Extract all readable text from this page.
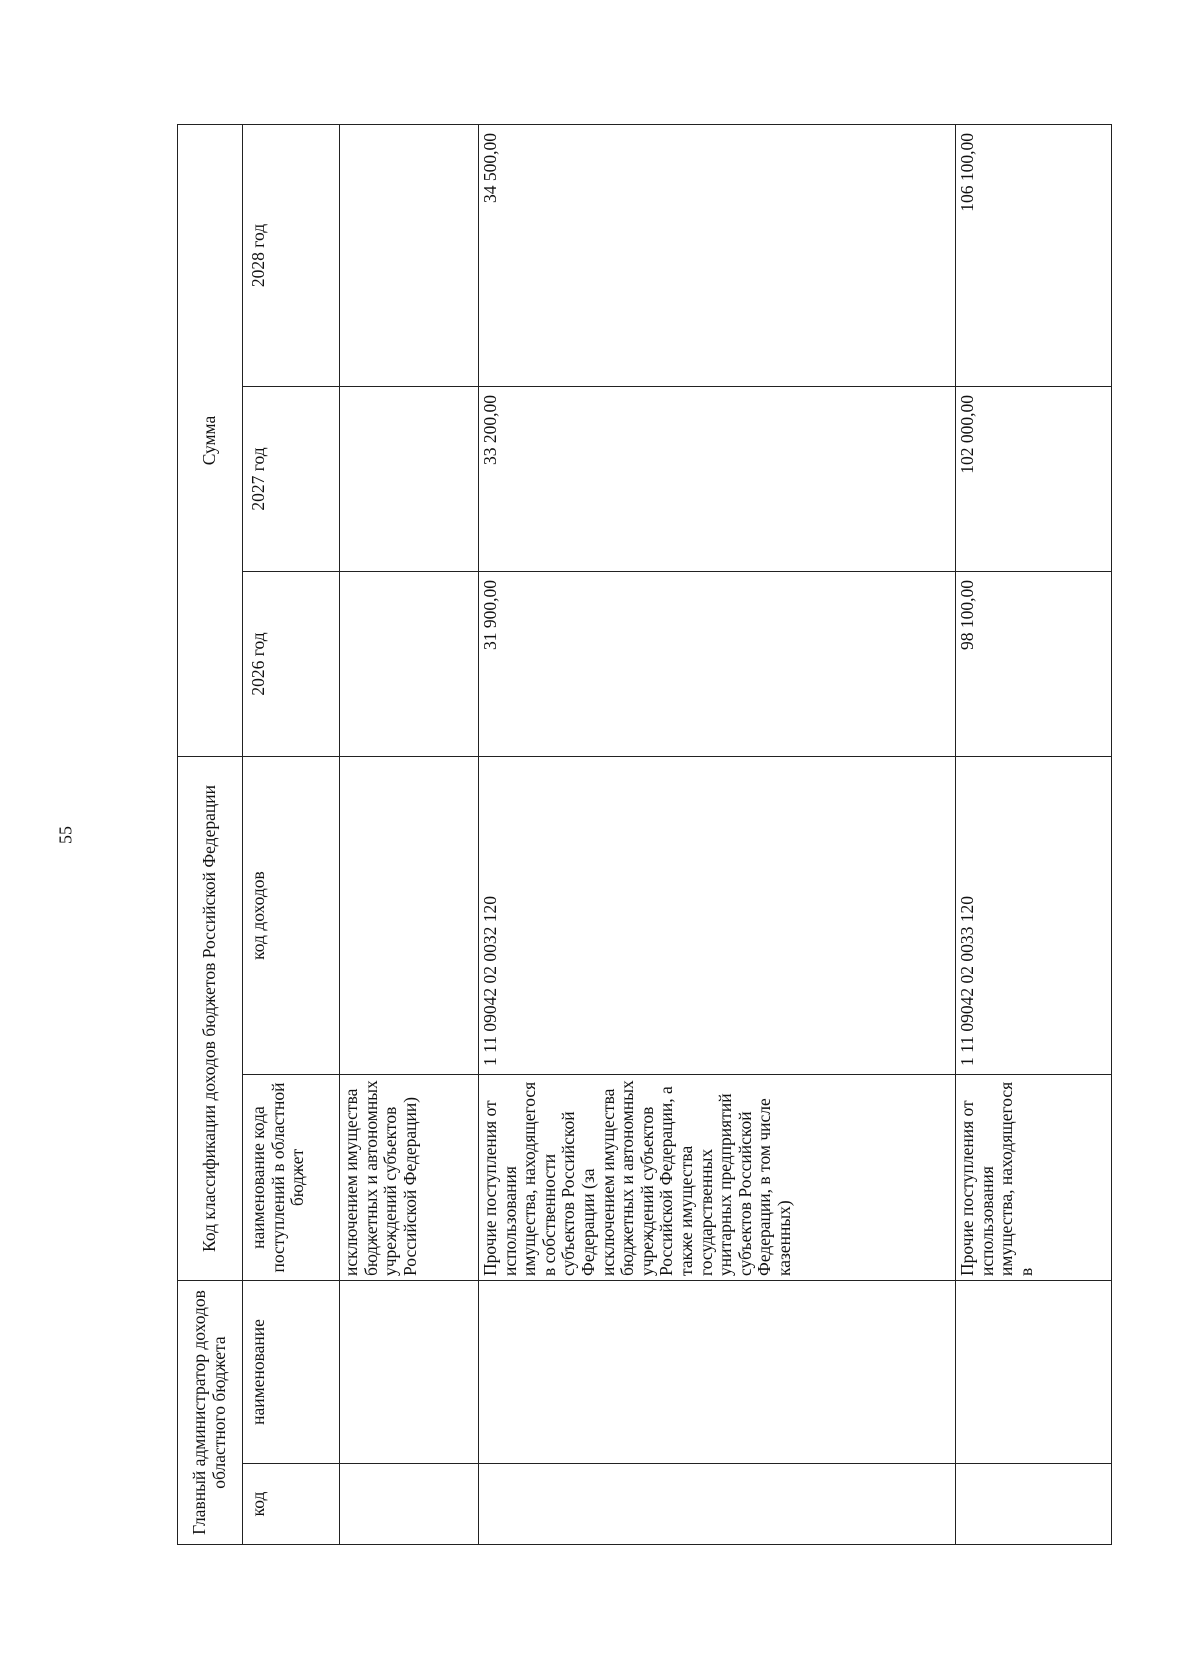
55
Главный администратор доходов областного бюджета		Код классификации доходов бюджетов Российской Федерации		Сумма		
код	наименование	наименование кода поступлений в областной бюджет	код доходов	2026 год	2027 год	2028 год
		исключением имущества бюджетных и автономных учреждений субъектов Российской Федерации)				
		Прочие поступления от использования имущества, находящегося в собственности субъектов Российской Федерации (за исключением имущества бюджетных и автономных учреждений субъектов Российской Федерации, а также имущества государственных унитарных предприятий субъектов Российской Федерации, в том числе казенных)	1 11 09042 02 0032 120	31 900,00	33 200,00	34 500,00
		Прочие поступления от использования имущества, находящегося в	1 11 09042 02 0033 120	98 100,00	102 000,00	106 100,00
